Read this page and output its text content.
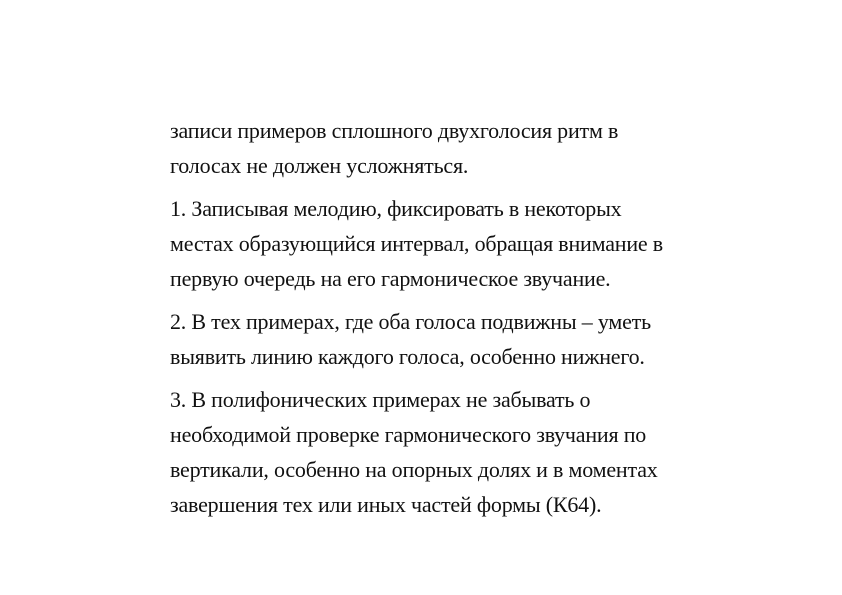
записи примеров сплошного двухголосия ритм в
голосах не должен усложняться.

1. Записывая мелодию, фиксировать в некоторых
местах образующийся интервал, обращая внимание в
первую очередь на его гармоническое звучание.

2. В тех примерах, где оба голоса подвижны – уметь
выявить линию каждого голоса, особенно нижнего.

3. В полифонических примерах не забывать о
необходимой проверке гармонического звучания по
вертикали, особенно на опорных долях и в моментах
завершения тех или иных частей формы (К64).
